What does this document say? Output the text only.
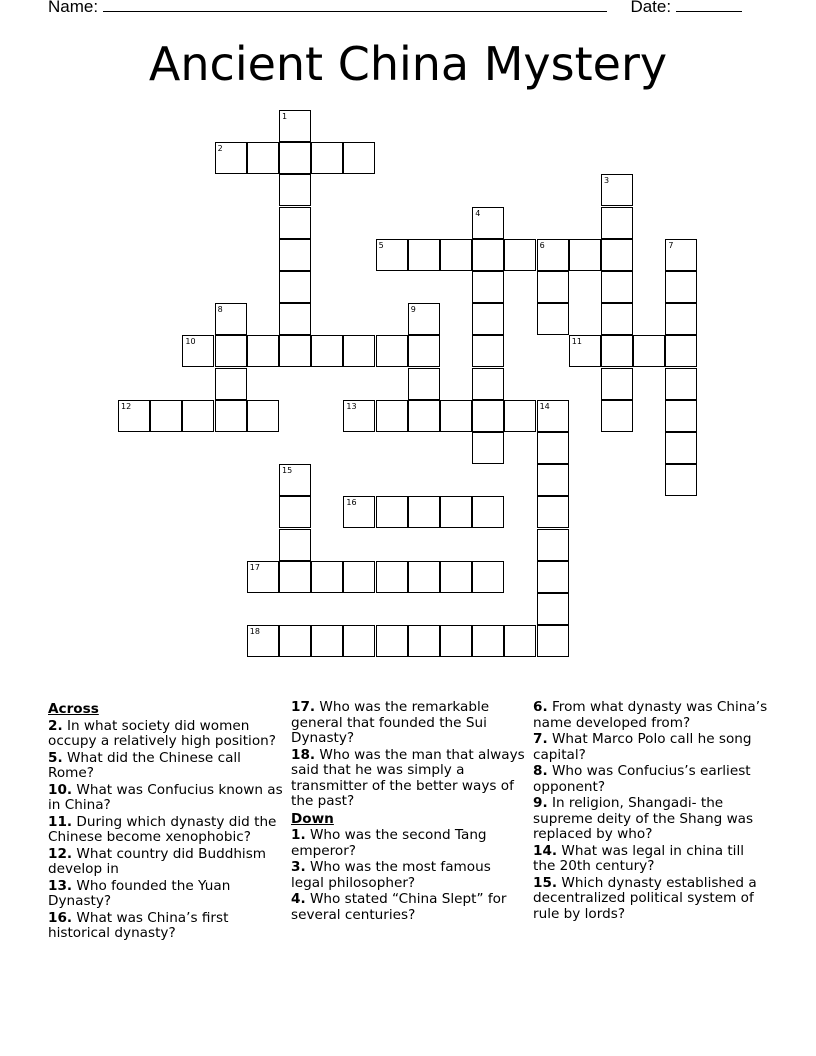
Name:	Date:
Ancient China Mystery
1
2
3
4
5	6	7
8	9
10	11
12	13	14
15
16
17
18
Across
2. In what society did women occupy a relatively high position?
5. What did the Chinese call Rome?
10. What was Confucius known as in China?
11. During which dynasty did the Chinese become xenophobic?
12. What country did Buddhism develop in
13. Who founded the Yuan Dynasty?
16. What was China’s first historical dynasty?
17. Who was the remarkable general that founded the Sui Dynasty?
18. Who was the man that always said that he was simply a transmitter of the better ways of the past?
Down
1. Who was the second Tang emperor?
3. Who was the most famous legal philosopher?
4. Who stated “China Slept” for several centuries?
6. From what dynasty was China’s name developed from?
7. What Marco Polo call he song capital?
8. Who was Confucius’s earliest opponent?
9. In religion, Shangadi- the supreme deity of the Shang was replaced by who?
14. What was legal in china till the 20th century?
15. Which dynasty established a decentralized political system of rule by lords?
